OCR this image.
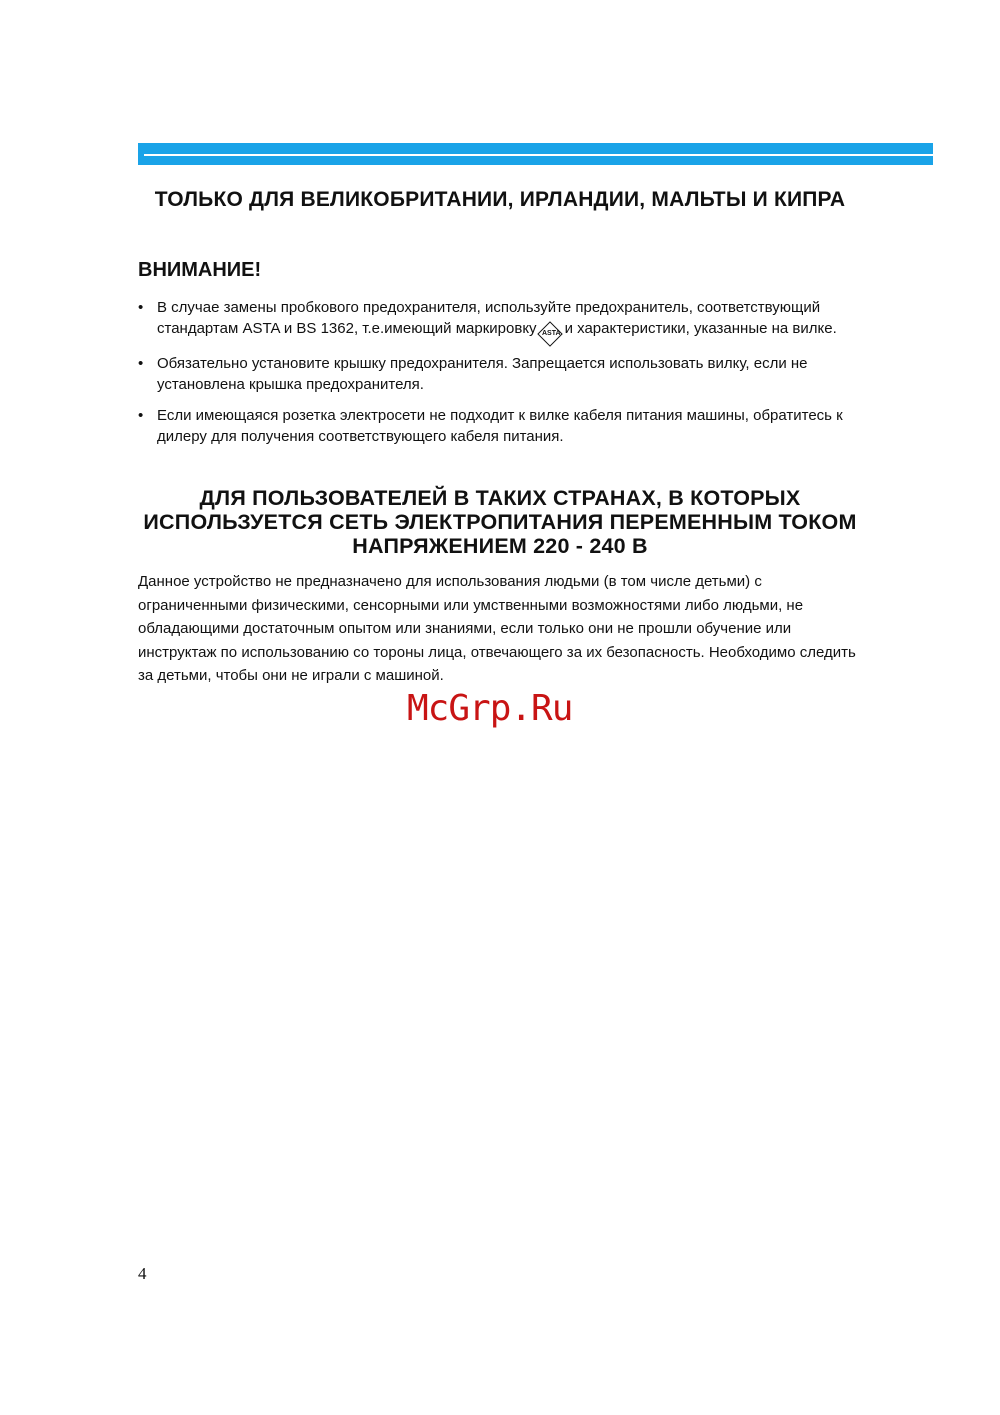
ТОЛЬКО ДЛЯ ВЕЛИКОБРИТАНИИ, ИРЛАНДИИ, МАЛЬТЫ И КИПРА
ВНИМАНИЕ!
• В случае замены пробкового предохранителя, используйте предохранитель, соответствующий стандартам ASTA и BS 1362, т.е.имеющий маркировку ASTA и характеристики, указанные на вилке.
• Обязательно установите крышку предохранителя. Запрещается использовать вилку, если не установлена крышка предохранителя.
• Если имеющаяся розетка электросети не подходит к вилке кабеля питания машины, обратитесь к дилеру для получения соответствующего кабеля питания.
ДЛЯ ПОЛЬЗОВАТЕЛЕЙ В ТАКИХ СТРАНАХ, В КОТОРЫХ ИСПОЛЬЗУЕТСЯ СЕТЬ ЭЛЕКТРОПИТАНИЯ ПЕРЕМЕННЫМ ТОКОМ НАПРЯЖЕНИЕМ 220 - 240 В
Данное устройство не предназначено для использования людьми (в том числе детьми) с ограниченными физическими, сенсорными или умственными возможностями либо людьми, не обладающими достаточным опытом или знаниями, если только они не прошли обучение или инструктаж по использованию со тороны лица, отвечающего за их безопасность. Необходимо следить за детьми, чтобы они не играли с машиной.
McGrp.Ru
4
